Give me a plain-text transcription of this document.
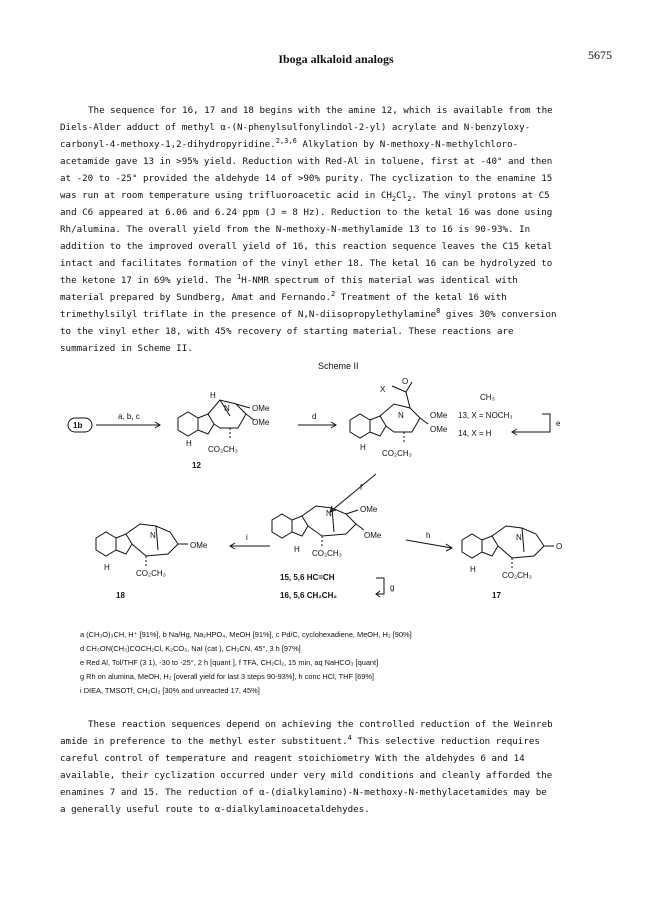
Iboga alkaloid analogs	5675
The sequence for 16, 17 and 18 begins with the amine 12, which is available from the
Diels-Alder adduct of methyl α-(N-phenylsulfonylindol-2-yl) acrylate and N-benzyloxy-
carbonyl-4-methoxy-1,2-dihydropyridine.$^{2,3,6}$ Alkylation by N-methoxy-N-methylchloro-
acetamide gave 13 in >95% yield. Reduction with Red-Al in toluene, first at -40° and then
at -20 to -25° provided the aldehyde 14 of >90% purity. The cyclization to the enamine 15
was run at room temperature using trifluoroacetic acid in $CH_2Cl_2$. The vinyl protons at C5
and C6 appeared at 6.06 and 6.24 ppm (J = 8 Hz). Reduction to the ketal 16 was done using
Rh/alumina. The overall yield from the N-methoxy-N-methylamide 13 to 16 is 90-93%. In
addition to the improved overall yield of 16, this reaction sequence leaves the C15 ketal
intact and facilitates formation of the vinyl ether 18. The ketal 16 can be hydrolyzed to
the ketone 17 in 69% yield. The $^1$H-NMR spectrum of this material was identical with
material prepared by Sundberg, Amat and Fernando.$^2$ Treatment of the ketal 16 with
trimethylsilyl triflate in the presence of N,N-diisopropylethylamine$^8$ gives 30% conversion
to the vinyl ether 18, with 45% recovery of starting material. These reactions are
summarized in Scheme II.
Scheme II
1b
a, b, c
H
N	OMe
OMe
H
CO₂CH₃
12
d
O
X
N	OMe
OMe
H
CO₂CH₃
CH₃
13, X = NOCH₃
14, X = H
e
f
N	OMe
OMe
H CO₂CH₃
15, 5,6 HC=CH
16, 5,6 CH₂CH₂
g
i	h
N
OMe
H
CO₂CH₃
18
N
O
H
CO₂CH₃
17
a (CH₃O)₃CH, H⁺ [91%], b Na/Hg, Na₂HPO₄, MeOH [91%], c Pd/C, cyclohexadiene, MeOH, H₂ [90%]
d CH₃ON(CH₃)COCH₂Cl, K₂CO₃, NaI (cat ), CH₃CN, 45°, 3 h [97%]
e Red Al, Tol/THF (3 1), -30 to -25°, 2 h [quant ], f TFA, CH₂Cl₂, 15 min, aq NaHCO₃ [quant]
g Rh on alumina, MeOH, H₂ [overall yield for last 3 steps 90-93%], h conc HCl, THF [69%]
i DIEA, TMSOTf, CH₂Cl₂ [30% and unreacted 17, 45%]
These reaction sequences depend on achieving the controlled reduction of the Weinreb
amide in preference to the methyl ester substituent.$^4$ This selective reduction requires
careful control of temperature and reagent stoichiometry With the aldehydes 6 and 14
available, their cyclization occurred under very mild conditions and cleanly afforded the
enamines 7 and 15. The reduction of α-(dialkylamino)-N-methoxy-N-methylacetamides may be
a generally useful route to α-dialkylaminoacetaldehydes.
